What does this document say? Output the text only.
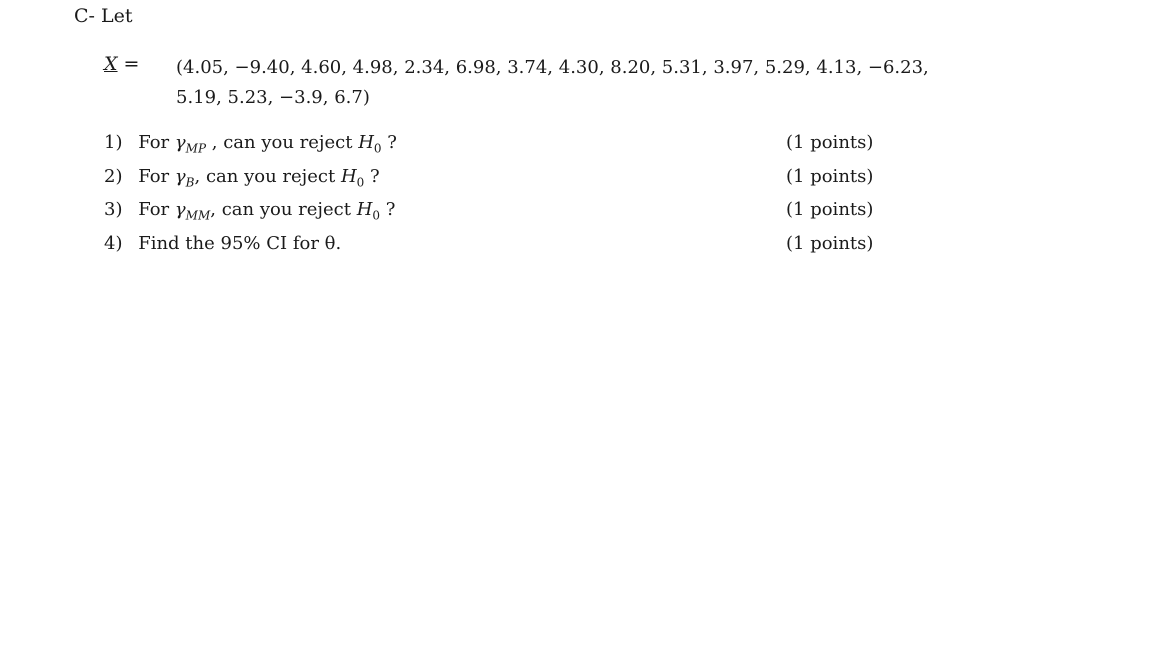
C- Let
X = (4.05, −9.40, 4.60, 4.98, 2.34, 6.98, 3.74, 4.30, 8.20, 5.31, 3.97, 5.29, 4.13, −6.23,
5.19, 5.23, −3.9, 6.7)
1) For $\gamma_{MP}$ , can you reject $H_0$ ?	(1 points)
2) For $\gamma_B$, can you reject $H_0$ ?	(1 points)
3) For $\gamma_{MM}$, can you reject $H_0$ ?	(1 points)
4) Find the 95% CI for θ.	(1 points)
